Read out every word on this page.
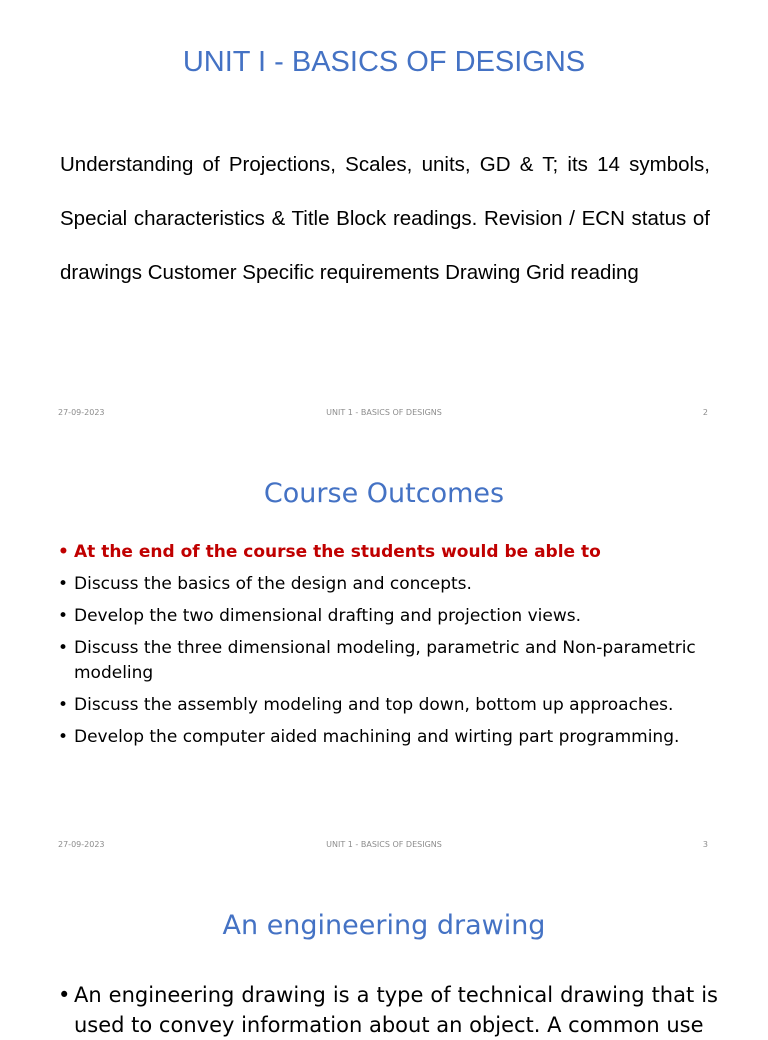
UNIT I - BASICS OF DESIGNS

Understanding of Projections, Scales, units, GD & T; its 14 symbols, Special characteristics & Title Block readings. Revision / ECN status of drawings Customer Specific requirements Drawing Grid reading

27-09-2023	UNIT 1 - BASICS OF DESIGNS	2
Course Outcomes
• At the end of the course the students would be able to
• Discuss the basics of the design and concepts.
• Develop the two dimensional drafting and projection views.
• Discuss the three dimensional modeling, parametric and Non-parametric modeling
• Discuss the assembly modeling and top down, bottom up approaches.
• Develop the computer aided machining and wirting part programming.
27-09-2023	UNIT 1 - BASICS OF DESIGNS	3
An engineering drawing
• An engineering drawing is a type of technical drawing that is used to convey information about an object. A common use
